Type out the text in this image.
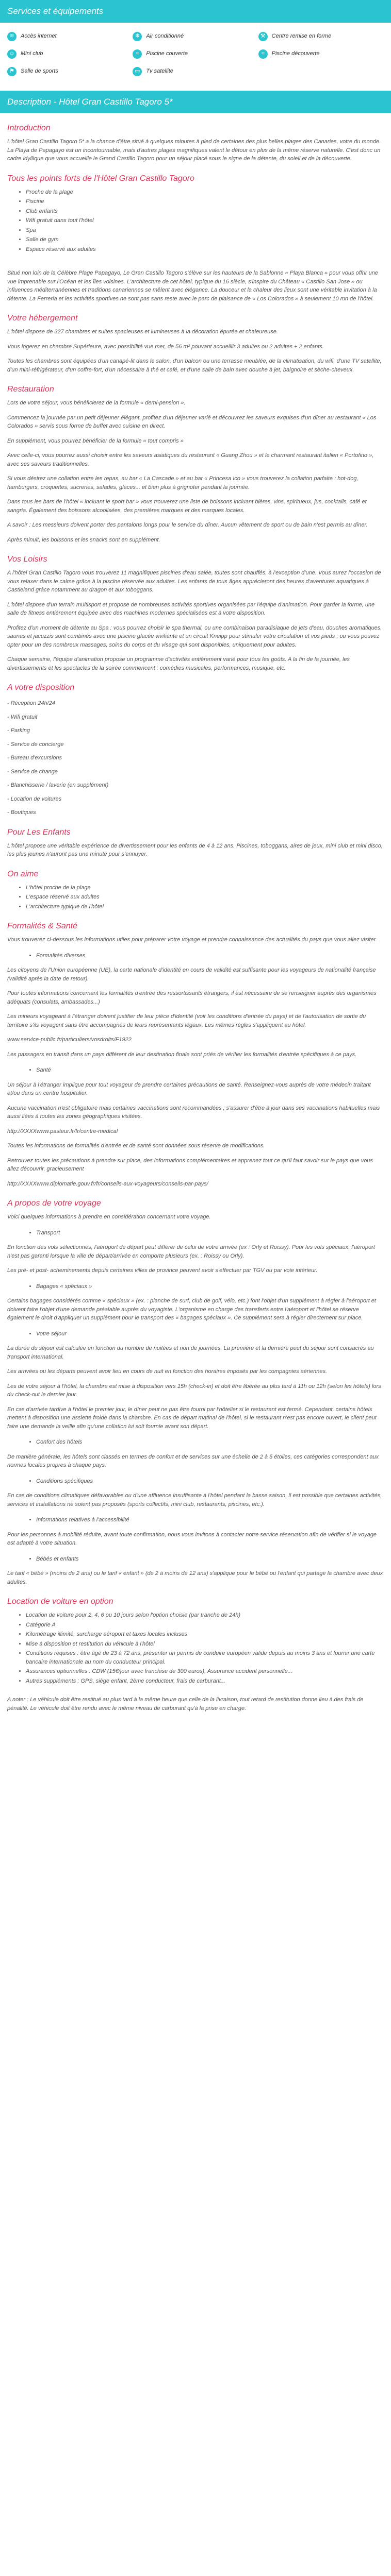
Services et équipements
≋	Accès internet	❄	Air conditionné	⚒	Centre remise en forme
☺	Mini club	≈	Piscine couverte	≈	Piscine découverte
⚑	Salle de sports	▭	Tv satellite
Description - Hôtel Gran Castillo Tagoro 5*
Introduction

L'hôtel Gran Castillo Tagoro 5* a la chance d'être situé à quelques minutes à pied de certaines des plus belles plages des Canaries, votre du monde. La Playa de Papagayo est un incontournable, mais d'autres plages magnifiques valent le détour en plus de la même réserve naturelle. C'est donc un cadre idyllique que vous accueille le Grand Castillo Tagoro pour un séjour placé sous le signe de la détente, du soleil et de la découverte.

Tous les points forts de l'Hôtel Gran Castillo Tagoro
• Proche de la plage
• Piscine
• Club enfants
• Wifi gratuit dans tout l'hôtel
• Spa
• Salle de gym
• Espace réservé aux adultes

Situé non loin de la Célèbre Plage Papagayo, Le Gran Castillo Tagoro s'élève sur les hauteurs de la Sablonne « Playa Blanca » pour vous offrir une vue imprenable sur l'Océan et les îles voisines. L'architecture de cet hôtel, typique du 16 siècle, s'inspire du Château « Castillo San Jose » ou influences méditerranéennes et traditions canariennes se mêlent avec élégance. La douceur et la chaleur des lieux sont une véritable invitation à la détente. La Ferreria et les activités sportives ne sont pas sans reste avec le parc de plaisance de « Los Colorados » à seulement 10 mn de l'hôtel.

Votre hébergement

L'hôtel dispose de 327 chambres et suites spacieuses et lumineuses à la décoration épurée et chaleureuse.

Vous logerez en chambre Supérieure, avec possibilité vue mer, de 56 m² pouvant accueillir 3 adultes ou 2 adultes + 2 enfants.

Toutes les chambres sont équipées d'un canapé-lit dans le salon, d'un balcon ou une terrasse meublée, de la climatisation, du wifi, d'une TV satellite, d'un mini-réfrigérateur, d'un coffre-fort, d'un nécessaire à thé et café, et d'une salle de bain avec douche à jet, baignoire et sèche-cheveux.

Restauration

Lors de votre séjour, vous bénéficierez de la formule « demi-pension ».

Commencez la journée par un petit déjeuner élégant, profitez d'un déjeuner varié et découvrez les saveurs exquises d'un dîner au restaurant « Los Colorados » servis sous forme de buffet avec cuisine en direct.

En supplément, vous pourrez bénéficier de la formule « tout compris »

Avec celle-ci, vous pourrez aussi choisir entre les saveurs asiatiques du restaurant « Guang Zhou » et le charmant restaurant italien « Portofino », avec ses saveurs traditionnelles.

Si vous désirez une collation entre les repas, au bar « La Cascade » et au bar « Princesa Ico » vous trouverez la collation parfaite : hot-dog, hamburgers, croquettes, sucreries, salades, glaces... et bien plus à grignoter pendant la journée.

Dans tous les bars de l'hôtel « incluant le sport bar » vous trouverez une liste de boissons incluant bières, vins, spiritueux, jus, cocktails, café et sangria. Également des boissons alcoolisées, des premières marques et des marques locales.

A savoir : Les messieurs doivent porter des pantalons longs pour le service du dîner. Aucun vêtement de sport ou de bain n'est permis au dîner.

Après minuit, les boissons et les snacks sont en supplément.

Vos Loisirs

A l'hôtel Gran Castillo Tagoro vous trouverez 11 magnifiques piscines d'eau salée, toutes sont chauffés, à l'exception d'une. Vous aurez l'occasion de vous relaxer dans le calme grâce à la piscine réservée aux adultes. Les enfants de tous âges apprécieront des heures d'aventures aquatiques à Castleland grâce notamment au dragon et aux toboggans.

L'hôtel dispose d'un terrain multisport et propose de nombreuses activités sportives organisées par l'équipe d'animation. Pour garder la forme, une salle de fitness entièrement équipée avec des machines modernes spécialisées est à votre disposition.

Profitez d'un moment de détente au Spa : vous pourrez choisir le spa thermal, ou une combinaison paradisiaque de jets d'eau, douches aromatiques, saunas et jacuzzis sont combinés avec une piscine glacée vivifiante et un circuit Kneipp pour stimuler votre circulation et vos pieds ; ou vous pouvez opter pour un des nombreux massages, soins du corps et du visage qui sont disponibles, uniquement pour adultes.

Chaque semaine, l'équipe d'animation propose un programme d'activités entièrement varié pour tous les goûts. A la fin de la journée, les divertissements et les spectacles de la soirée commencent : comédies musicales, performances, musique, etc.

A votre disposition
- Réception 24h/24
- Wifi gratuit
- Parking
- Service de concierge
- Bureau d'excursions
- Service de change
- Blanchisserie / laverie (en supplément)
- Location de voitures
- Boutiques
Pour Les Enfants

L'hôtel propose une véritable expérience de divertissement pour les enfants de 4 à 12 ans. Piscines, toboggans, aires de jeux, mini club et mini disco, les plus jeunes n'auront pas une minute pour s'ennuyer.

On aime
• L'hôtel proche de la plage
• L'espace réservé aux adultes
• L'architecture typique de l'hôtel
Formalités & Santé

Vous trouverez ci-dessous les informations utiles pour préparer votre voyage et prendre connaissance des actualités du pays que vous allez visiter.

• Formalités diverses

Les citoyens de l'Union européenne (UE), la carte nationale d'identité en cours de validité est suffisante pour les voyageurs de nationalité française (validité après la date de retour).

Pour toutes informations concernant les formalités d'entrée des ressortissants étrangers, il est nécessaire de se renseigner auprès des organismes adéquats (consulats, ambassades...)

Les mineurs voyageant à l'étranger doivent justifier de leur pièce d'identité (voir les conditions d'entrée du pays) et de l'autorisation de sortie du territoire s'ils voyagent sans être accompagnés de leurs représentants légaux. Les mêmes règles s'appliquent au hôtel.

www.service-public.fr/particuliers/vosdroits/F1922

Les passagers en transit dans un pays différent de leur destination finale sont priés de vérifier les formalités d'entrée spécifiques à ce pays.

• Santé

Un séjour à l'étranger implique pour tout voyageur de prendre certaines précautions de santé. Renseignez-vous auprès de votre médecin traitant et/ou dans un centre hospitalier.

Aucune vaccination n'est obligatoire mais certaines vaccinations sont recommandées ; s'assurer d'être à jour dans ses vaccinations habituelles mais aussi liées à toutes les zones géographiques visitées.

http://XXXXwww.pasteur.fr/fr/centre-medical

Toutes les informations de formalités d'entrée et de santé sont données sous réserve de modifications.

Retrouvez toutes les précautions à prendre sur place, des informations complémentaires et apprenez tout ce qu'il faut savoir sur le pays que vous allez découvrir, gracieusement

http://XXXXwww.diplomatie.gouv.fr/fr/conseils-aux-voyageurs/conseils-par-pays/

A propos de votre voyage

Voici quelques informations à prendre en considération concernant votre voyage.

• Transport

En fonction des vols sélectionnés, l'aéroport de départ peut différer de celui de votre arrivée (ex : Orly et Roissy). Pour les vols spéciaux, l'aéroport n'est pas garanti lorsque la ville de départ/arrivée en comporte plusieurs (ex. : Roissy ou Orly).

Les pré- et post- acheminements depuis certaines villes de province peuvent avoir s'effectuer par TGV ou par voie intérieur.

• Bagages « spéciaux »

Certains bagages considérés comme « spéciaux » (ex. : planche de surf, club de golf, vélo, etc.) font l'objet d'un supplément à régler à l'aéroport et doivent faire l'objet d'une demande préalable auprès du voyagiste. L'organisme en charge des transferts entre l'aéroport et l'hôtel se réserve également le droit d'appliquer un supplément pour le transport des « bagages spéciaux ». Ce supplément sera à régler directement sur place.

• Votre séjour

La durée du séjour est calculée en fonction du nombre de nuitées et non de journées. La première et la dernière peut du séjour sont consacrés au transport international.

Les arrivées ou les départs peuvent avoir lieu en cours de nuit en fonction des horaires imposés par les compagnies aériennes.

Les de votre séjour à l'hôtel, la chambre est mise à disposition vers 15h (check-in) et doit être libérée au plus tard à 11h ou 12h (selon les hôtels) lors du check-out le dernier jour.

En cas d'arrivée tardive à l'hôtel le premier jour, le dîner peut ne pas être fourni par l'hôtelier si le restaurant est fermé. Cependant, certains hôtels mettent à disposition une assiette froide dans la chambre. En cas de départ matinal de l'hôtel, si le restaurant n'est pas encore ouvert, le client peut faire une demande la veille afin qu'une collation lui soit fournie avant son départ.

• Confort des hôtels

De manière générale, les hôtels sont classés en termes de confort et de services sur une échelle de 2 à 5 étoiles, ces catégories correspondent aux normes locales propres à chaque pays.

• Conditions spécifiques

En cas de conditions climatiques défavorables ou d'une affluence insuffisante à l'hôtel pendant la basse saison, il est possible que certaines activités, services et installations ne soient pas proposés (sports collectifs, mini club, restaurants, piscines, etc.).

• Informations relatives à l'accessibilité

Pour les personnes à mobilité réduite, avant toute confirmation, nous vous invitons à contacter notre service réservation afin de vérifier si le voyage est adapté à votre situation.

• Bébés et enfants

Le tarif « bébé » (moins de 2 ans) ou le tarif « enfant » (de 2 à moins de 12 ans) s'applique pour le bébé ou l'enfant qui partage la chambre avec deux adultes.

Location de voiture en option
• Location de voiture pour 2, 4, 6 ou 10 jours selon l'option choisie (par tranche de 24h)
• Catégorie A
• Kilométrage illimité, surcharge aéroport et taxes locales incluses
• Mise à disposition et restitution du véhicule à l'hôtel
• Conditions requises : être âgé de 23 à 72 ans, présenter un permis de conduire européen valide depuis au moins 3 ans et fournir une carte bancaire internationale au nom du conducteur principal.
• Assurances optionnelles : CDW (15€/jour avec franchise de 300 euros), Assurance accident personnelle...
• Autres suppléments : GPS, siège enfant, 2ème conducteur, frais de carburant...

A noter : Le véhicule doit être restitué au plus tard à la même heure que celle de la livraison, tout retard de restitution donne lieu à des frais de pénalité. Le véhicule doit être rendu avec le même niveau de carburant qu'à la prise en charge.
